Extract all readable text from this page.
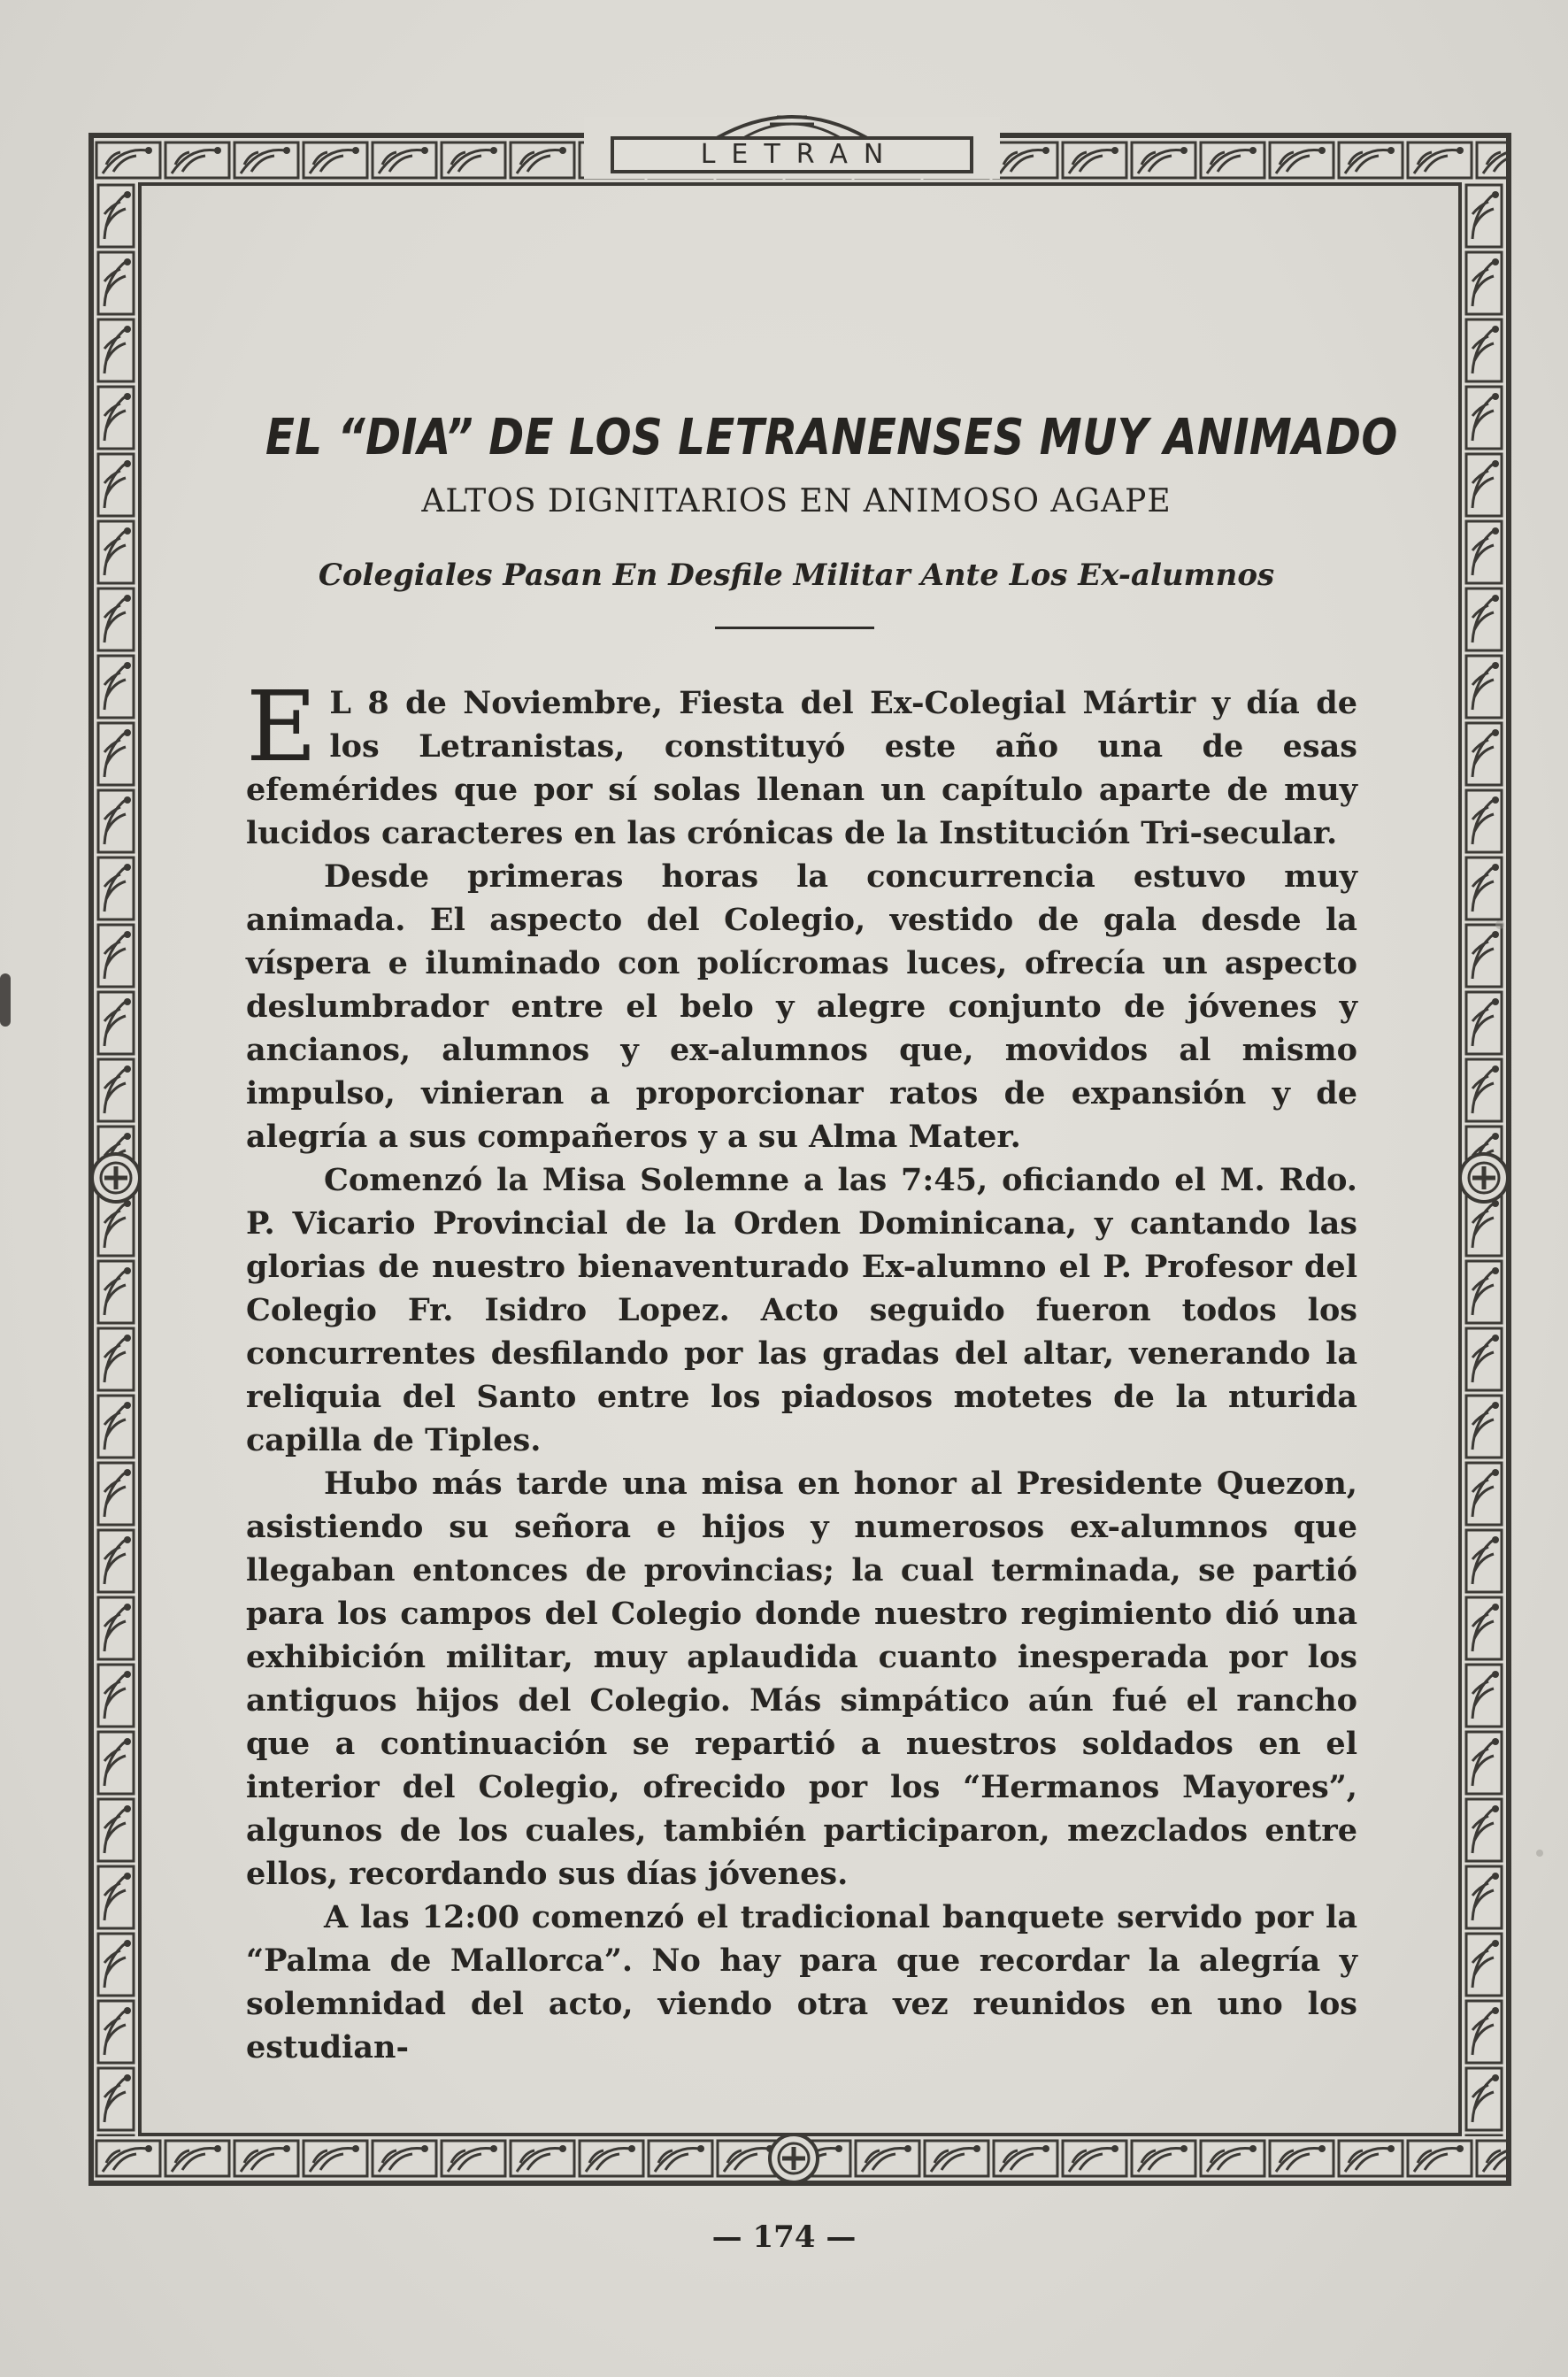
LETRAN
EL “DIA” DE LOS LETRANENSES MUY ANIMADO
ALTOS DIGNITARIOS EN ANIMOSO AGAPE
Colegiales Pasan En Desfile Militar Ante Los Ex-alumnos

E L 8 de Noviembre, Fiesta del Ex-Colegial Mártir y día de los Letranistas, constituyó este año una de esas efemérides que por sí solas llenan un capítulo aparte de muy lucidos caracteres en las crónicas de la Institución Tri-secular.

Desde primeras horas la concurrencia estuvo muy animada. El aspecto del Colegio, vestido de gala desde la víspera e iluminado con polícromas luces, ofrecía un aspecto deslumbrador entre el belo y alegre conjunto de jóvenes y ancianos, alumnos y ex-alumnos que, movidos al mismo impulso, vinieran a proporcionar ratos de expansión y de alegría a sus compañeros y a su Alma Mater.

Comenzó la Misa Solemne a las 7:45, oficiando el M. Rdo. P. Vicario Provincial de la Orden Dominicana, y cantando las glorias de nuestro bienaventurado Ex-alumno el P. Profesor del Colegio Fr. Isidro Lopez. Acto seguido fueron todos los concurrentes desfilando por las gradas del altar, venerando la reliquia del Santo entre los piadosos motetes de la nturida capilla de Tiples.

Hubo más tarde una misa en honor al Presidente Quezon, asistiendo su señora e hijos y numerosos ex-alumnos que llegaban entonces de provincias; la cual terminada, se partió para los campos del Colegio donde nuestro regimiento dió una exhibición militar, muy aplaudida cuanto inesperada por los antiguos hijos del Colegio. Más simpático aún fué el rancho que a continuación se repartió a nuestros soldados en el interior del Colegio, ofrecido por los “Hermanos Mayores”, algunos de los cuales, también participaron, mezclados entre ellos, recordando sus días jóvenes.

A las 12:00 comenzó el tradicional banquete servido por la “Palma de Mallorca”. No hay para que recordar la alegría y solemnidad del acto, viendo otra vez reunidos en uno los estudian-

— 174 —
